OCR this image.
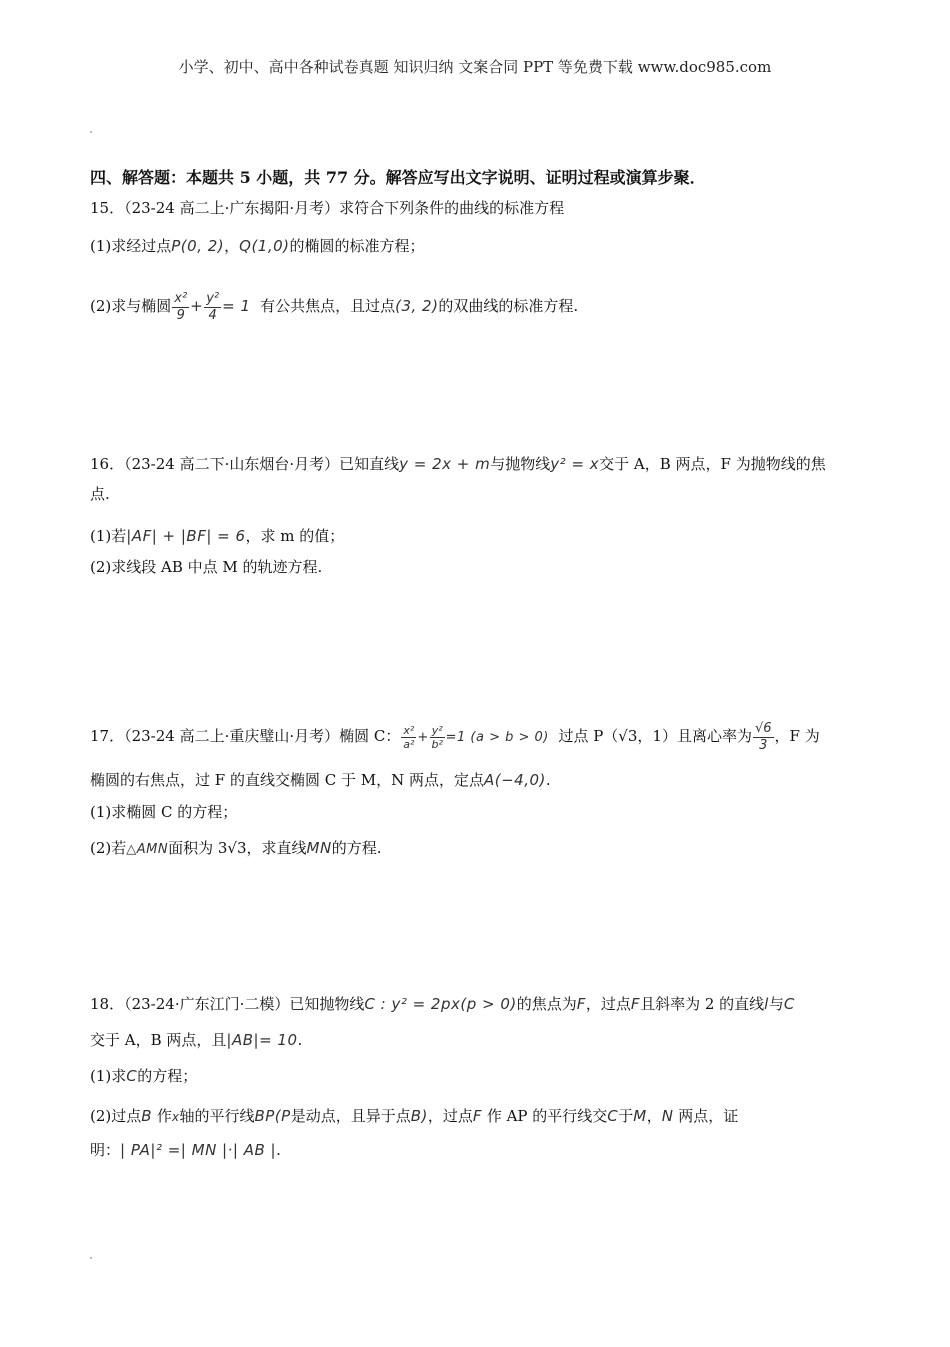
小学、初中、高中各种试卷真题 知识归纳 文案合同 PPT 等免费下载 www.doc985.com
四、解答题：本题共 5 小题，共 77 分。解答应写出文字说明、证明过程或演算步聚．
15．（23-24 高二上·广东揭阳·月考）求符合下列条件的曲线的标准方程
(1)求经过点P(0, 2)，Q(1,0)的椭圆的标准方程；
(2)求与椭圆 $\frac{\text{x²}}{9} + \frac{\text{y²}}{4} = 1$ 有公共焦点，且过点(3, 2)的双曲线的标准方程.
16．（23-24 高二下·山东烟台·月考）已知直线y = 2x + m与抛物线y² = x交于 A，B 两点，F 为抛物线的焦
点.
(1)若|AF| + |BF| = 6，求 m 的值；
(2)求线段 AB 中点 M 的轨迹方程.
17．（23-24 高二上·重庆璧山·月考）椭圆 C： $\frac{\text{x²}}{\text{a²}} + \frac{\text{y²}}{\text{b²}} =1$ (a > b > 0) 过点 P（√3，1）且离心率为 $\frac{√6}{3}$ ，F 为
椭圆的右焦点，过 F 的直线交椭圆 C 于 M，N 两点，定点A(−4,0).
(1)求椭圆 C 的方程；
(2)若△AMN面积为 3√3，求直线MN的方程.
18．（23-24·广东江门·二模）已知抛物线C : y² = 2px(p > 0)的焦点为F，过点F且斜率为 2 的直线l与C
交于 A，B 两点，且|AB|= 10.
(1)求C的方程；
(2)过点B 作x轴的平行线BP(P是动点，且异于点B)，过点F 作 AP 的平行线交C于M，N 两点，证
明：| PA|² =| MN |·| AB |.
